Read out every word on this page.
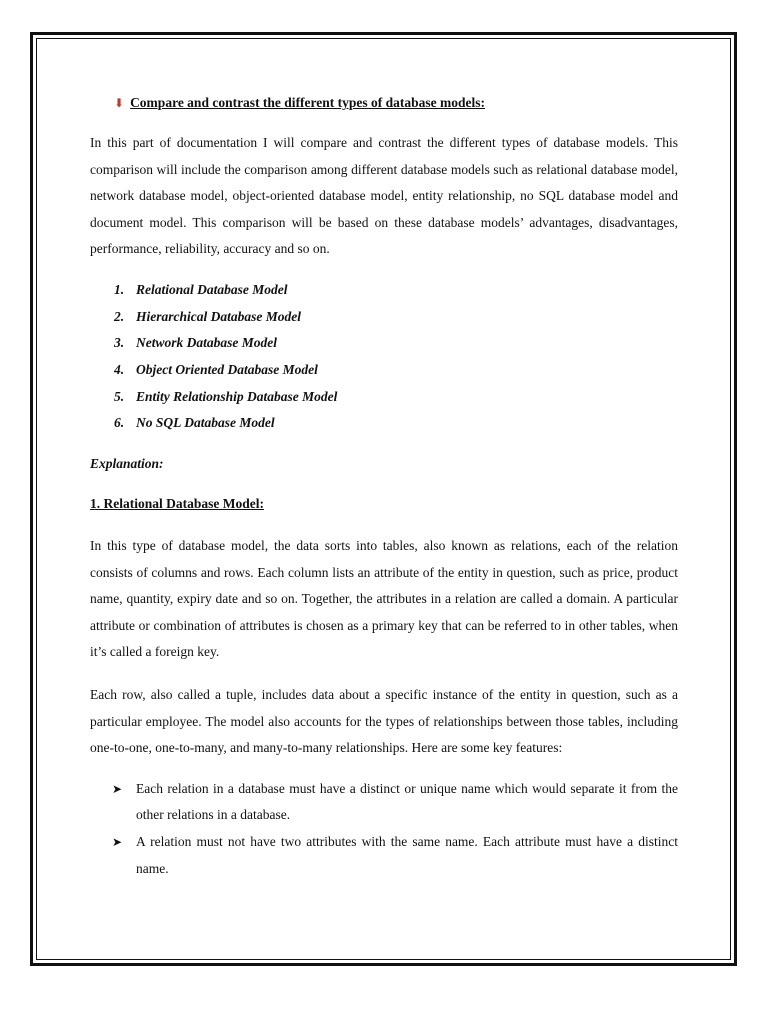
⬇ Compare and contrast the different types of database models:

In this part of documentation I will compare and contrast the different types of database models. This comparison will include the comparison among different database models such as relational database model, network database model, object-oriented database model, entity relationship, no SQL database model and document model. This comparison will be based on these database models’ advantages, disadvantages, performance, reliability, accuracy and so on.

1. Relational Database Model
2. Hierarchical Database Model
3. Network Database Model
4. Object Oriented Database Model
5. Entity Relationship Database Model
6. No SQL Database Model
Explanation:
1. Relational Database Model:

In this type of database model, the data sorts into tables, also known as relations, each of the relation consists of columns and rows. Each column lists an attribute of the entity in question, such as price, product name, quantity, expiry date and so on. Together, the attributes in a relation are called a domain. A particular attribute or combination of attributes is chosen as a primary key that can be referred to in other tables, when it’s called a foreign key.

Each row, also called a tuple, includes data about a specific instance of the entity in question, such as a particular employee. The model also accounts for the types of relationships between those tables, including one-to-one, one-to-many, and many-to-many relationships. Here are some key features:

➤ Each relation in a database must have a distinct or unique name which would separate it from the other relations in a database.
➤ A relation must not have two attributes with the same name. Each attribute must have a distinct name.
